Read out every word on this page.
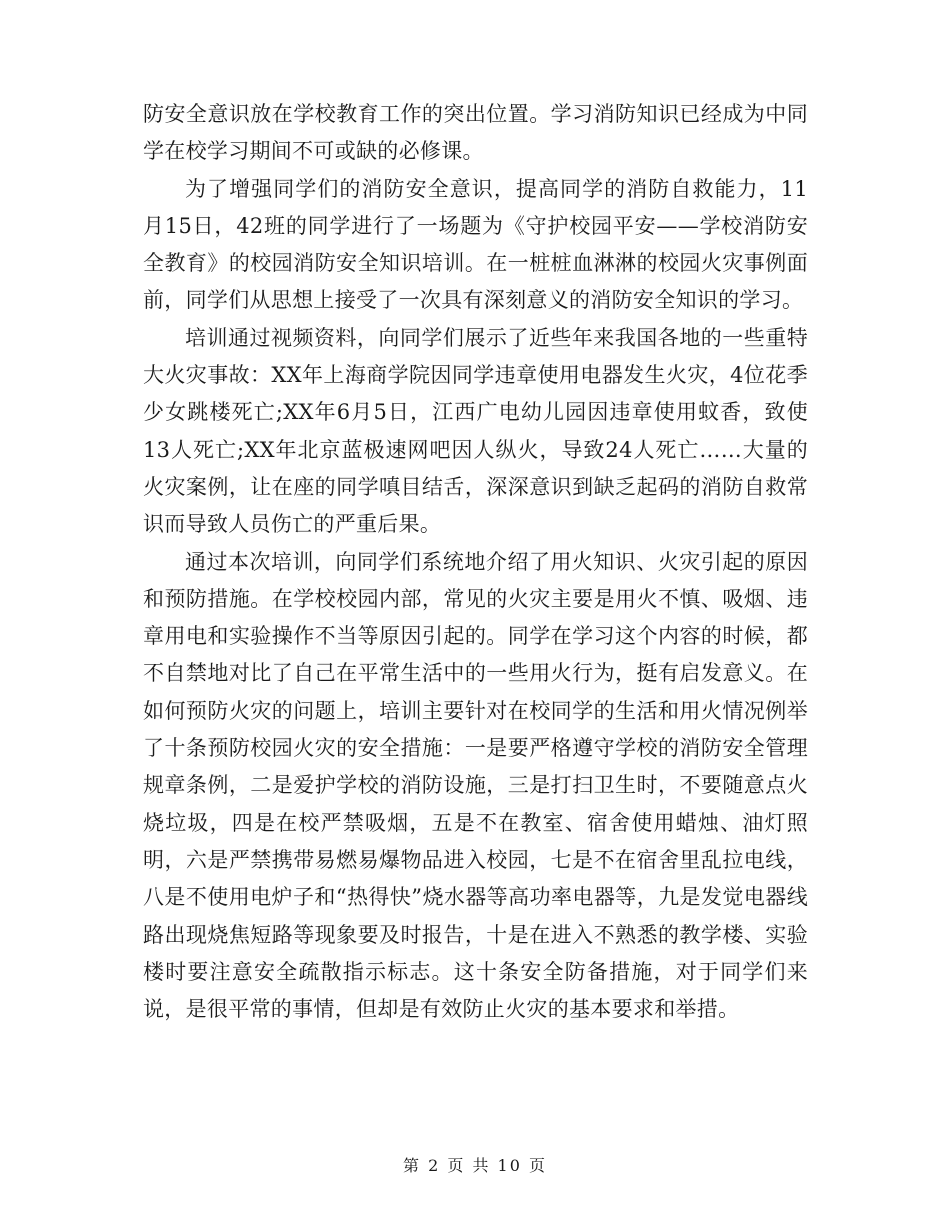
防安全意识放在学校教育工作的突出位置。学习消防知识已经成为中同学在校学习期间不可或缺的必修课。

为了增强同学们的消防安全意识，提高同学的消防自救能力，11月15日，42班的同学进行了一场题为《守护校园平安——学校消防安全教育》的校园消防安全知识培训。在一桩桩血淋淋的校园火灾事例面前，同学们从思想上接受了一次具有深刻意义的消防安全知识的学习。

培训通过视频资料，向同学们展示了近些年来我国各地的一些重特大火灾事故：XX年上海商学院因同学违章使用电器发生火灾，4位花季少女跳楼死亡;XX年6月5日，江西广电幼儿园因违章使用蚊香，致使13人死亡;XX年北京蓝极速网吧因人纵火，导致24人死亡……大量的火灾案例，让在座的同学嗔目结舌，深深意识到缺乏起码的消防自救常识而导致人员伤亡的严重后果。

通过本次培训，向同学们系统地介绍了用火知识、火灾引起的原因和预防措施。在学校校园内部，常见的火灾主要是用火不慎、吸烟、违章用电和实验操作不当等原因引起的。同学在学习这个内容的时候，都不自禁地对比了自己在平常生活中的一些用火行为，挺有启发意义。在如何预防火灾的问题上，培训主要针对在校同学的生活和用火情况例举了十条预防校园火灾的安全措施：一是要严格遵守学校的消防安全管理规章条例，二是爱护学校的消防设施，三是打扫卫生时，不要随意点火烧垃圾，四是在校严禁吸烟，五是不在教室、宿舍使用蜡烛、油灯照明，六是严禁携带易燃易爆物品进入校园，七是不在宿舍里乱拉电线，八是不使用电炉子和“热得快”烧水器等高功率电器等，九是发觉电器线路出现烧焦短路等现象要及时报告，十是在进入不熟悉的教学楼、实验楼时要注意安全疏散指示标志。这十条安全防备措施，对于同学们来说，是很平常的事情，但却是有效防止火灾的基本要求和举措。

第 2 页 共 10 页
